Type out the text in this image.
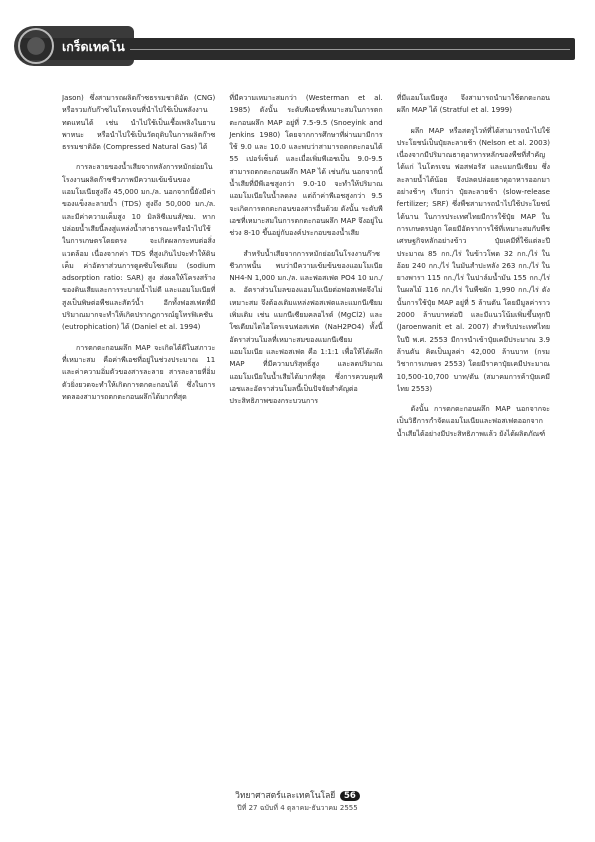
เกร็ดเทคโน

Jason) ซึ่งสามารถผลิตก๊าซธรรมชาติอัด (CNG) หรือรวมกับก๊าซไนโตรเจนที่นำไปใช้เป็นพลังงานทดแทนได้ เช่น นำไปใช้เป็นเชื้อเพลิงในยานพาหนะ หรือนำไปใช้เป็นวัตถุดิบในการผลิตก๊าซธรรมชาติอัด (Compressed Natural Gas) ได้

การละลายของน้ำเสียจากหลังการหมักย่อยในโรงงานผลิตก๊าซชีวภาพมีความเข้มข้นของแอมโมเนียสูงถึง 45,000 มก./ล. นอกจากนี้ยังมีค่าของแข็งละลายน้ำ (TDS) สูงถึง 50,000 มก./ล. และมีค่าความเค็มสูง 10 มิลลิซีเมนส์/ซม. หากปล่อยน้ำเสียนี้ลงสู่แหล่งน้ำสาธารณะหรือนำไปใช้ในการเกษตรโดยตรง จะเกิดผลกระทบต่อสิ่งแวดล้อม เนื่องจากค่า TDS ที่สูงเกินไปจะทำให้ดินเค็ม ค่าอัตราส่วนการดูดซับโซเดียม (sodium adsorption ratio: SAR) สูง ส่งผลให้โครงสร้างของดินเสียและการระบายน้ำไม่ดี และแอมโมเนียที่สูงเป็นพิษต่อพืชและสัตว์น้ำ อีกทั้งฟอสเฟตที่มีปริมาณมากจะทำให้เกิดปรากฏการณ์ยูโทรฟิเคชัน (eutrophication) ได้ (Daniel et al. 1994)

การตกตะกอนผลึก MAP จะเกิดได้ดีในสภาวะที่เหมาะสม คือค่าพีเอชที่อยู่ในช่วงประมาณ 11 และค่าความอิ่มตัวของสารละลาย สารละลายที่อิ่มตัวยิ่งยวดจะทำให้เกิดการตกตะกอนได้ ซึ่งในการทดลองสามารถตกตะกอนผลึกได้มากที่สุด

ที่มีความเหมาะสมกว่า (Westerman et al. 1985) ดังนั้น ระดับพีเอชที่เหมาะสมในการตกตะกอนผลึก MAP อยู่ที่ 7.5-9.5 (Snoeyink and Jenkins 1980) โดยจากการศึกษาที่ผ่านมามีการใช้ 9.0 และ 10.0 และพบว่าสามารถตกตะกอนได้ 55 เปอร์เซ็นต์ และเมื่อเพิ่มพีเอชเป็น 9.0-9.5 สามารถตกตะกอนผลึก MAP ได้ เช่นกัน นอกจากนี้ น้ำเสียที่มีพีเอชสูงกว่า 9.0-10 จะทำให้ปริมาณแอมโมเนียในน้ำลดลง แต่ถ้าค่าพีเอชสูงกว่า 9.5 จะเกิดการตกตะกอนของสารอื่นด้วย ดังนั้น ระดับพีเอชที่เหมาะสมในการตกตะกอนผลึก MAP จึงอยู่ในช่วง 8-10 ขึ้นอยู่กับองค์ประกอบของน้ำเสีย

สำหรับน้ำเสียจากการหมักย่อยในโรงงานก๊าซชีวภาพนั้น พบว่ามีความเข้มข้นของแอมโมเนีย NH4-N 1,000 มก./ล. และฟอสเฟต PO4 10 มก./ล. อัตราส่วนโมลของแอมโมเนียต่อฟอสเฟตจึงไม่เหมาะสม จึงต้องเติมแหล่งฟอสเฟตและแมกนีเซียมเพิ่มเติม เช่น แมกนีเซียมคลอไรด์ (MgCl2) และโซเดียมไดไฮโดรเจนฟอสเฟต (NaH2PO4) ทั้งนี้อัตราส่วนโมลที่เหมาะสมของแมกนีเซียม แอมโมเนีย และฟอสเฟต คือ 1:1:1 เพื่อให้ได้ผลึก MAP ที่มีความบริสุทธิ์สูง และลดปริมาณแอมโมเนียในน้ำเสียได้มากที่สุด ซึ่งการควบคุมพีเอชและอัตราส่วนโมลนี้เป็นปัจจัยสำคัญต่อประสิทธิภาพของกระบวนการ

ที่มีแอมโมเนียสูง จึงสามารถนำมาใช้ตกตะกอนผลึก MAP ได้ (Stratful et al. 1999)

ผลึก MAP หรือสตรูไวท์ที่ได้สามารถนำไปใช้ประโยชน์เป็นปุ๋ยละลายช้า (Nelson et al. 2003) เนื่องจากมีปริมาณธาตุอาหารหลักของพืชที่สำคัญ ได้แก่ ไนโตรเจน ฟอสฟอรัส และแมกนีเซียม ซึ่งละลายน้ำได้น้อย จึงปลดปล่อยธาตุอาหารออกมาอย่างช้าๆ เรียกว่า ปุ๋ยละลายช้า (slow-release fertilizer; SRF) ซึ่งพืชสามารถนำไปใช้ประโยชน์ได้นาน ในการประเทศไทยมีการใช้ปุ๋ย MAP ในการเกษตรปลูก โดยมีอัตราการใช้ที่เหมาะสมกับพืชเศรษฐกิจหลักอย่างข้าว ปุ๋ยเคมีที่ใช้แต่ละปีประมาณ 85 กก./ไร่ ในข้าวโพด 32 กก./ไร่ ในอ้อย 240 กก./ไร่ ในมันสำปะหลัง 263 กก./ไร่ ในยางพารา 115 กก./ไร่ ในปาล์มน้ำมัน 155 กก./ไร่ ในผลไม้ 116 กก./ไร่ ในพืชผัก 1,990 กก./ไร่ ดังนั้นการใช้ปุ๋ย MAP อยู่ที่ 5 ล้านตัน โดยมีมูลค่าราว 2000 ล้านบาทต่อปี และมีแนวโน้มเพิ่มขึ้นทุกปี (Jaroenwanit et al. 2007) สำหรับประเทศไทยในปี พ.ศ. 2553 มีการนำเข้าปุ๋ยเคมีประมาณ 3.9 ล้านตัน คิดเป็นมูลค่า 42,000 ล้านบาท (กรมวิชาการเกษตร 2553) โดยมีราคาปุ๋ยเคมีประมาณ 10,500-10,700 บาท/ตัน (สมาคมการค้าปุ๋ยเคมีไทย 2553)

ดังนั้น การตกตะกอนผลึก MAP นอกจากจะเป็นวิธีการกำจัดแอมโมเนียและฟอสเฟตออกจากน้ำเสียได้อย่างมีประสิทธิภาพแล้ว ยังได้ผลิตภัณฑ์

วิทยาศาสตร์และเทคโนโลยี 56
ปีที่ 27 ฉบับที่ 4 ตุลาคม-ธันวาคม 2555
